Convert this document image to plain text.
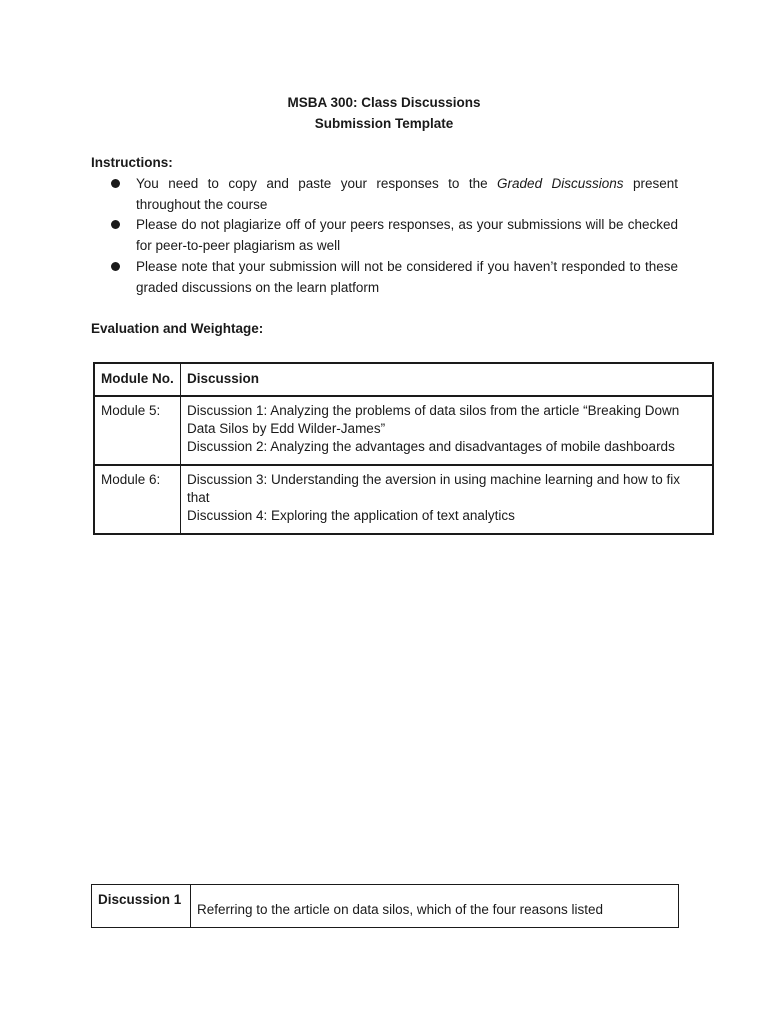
MSBA 300: Class Discussions
Submission Template
Instructions:
You need to copy and paste your responses to the Graded Discussions present throughout the course
Please do not plagiarize off of your peers responses, as your submissions will be checked for peer-to-peer plagiarism as well
Please note that your submission will not be considered if you haven’t responded to these graded discussions on the learn platform
Evaluation and Weightage:
Module No.	Discussion
Module 5:	Discussion 1: Analyzing the problems of data silos from the article “Breaking Down Data Silos by Edd Wilder-James”
Discussion 2: Analyzing the advantages and disadvantages of mobile dashboards

Module 6:	Discussion 3: Understanding the aversion in using machine learning and how to fix that
Discussion 4: Exploring the application of text analytics
Discussion 1	Referring to the article on data silos, which of the four reasons listed
